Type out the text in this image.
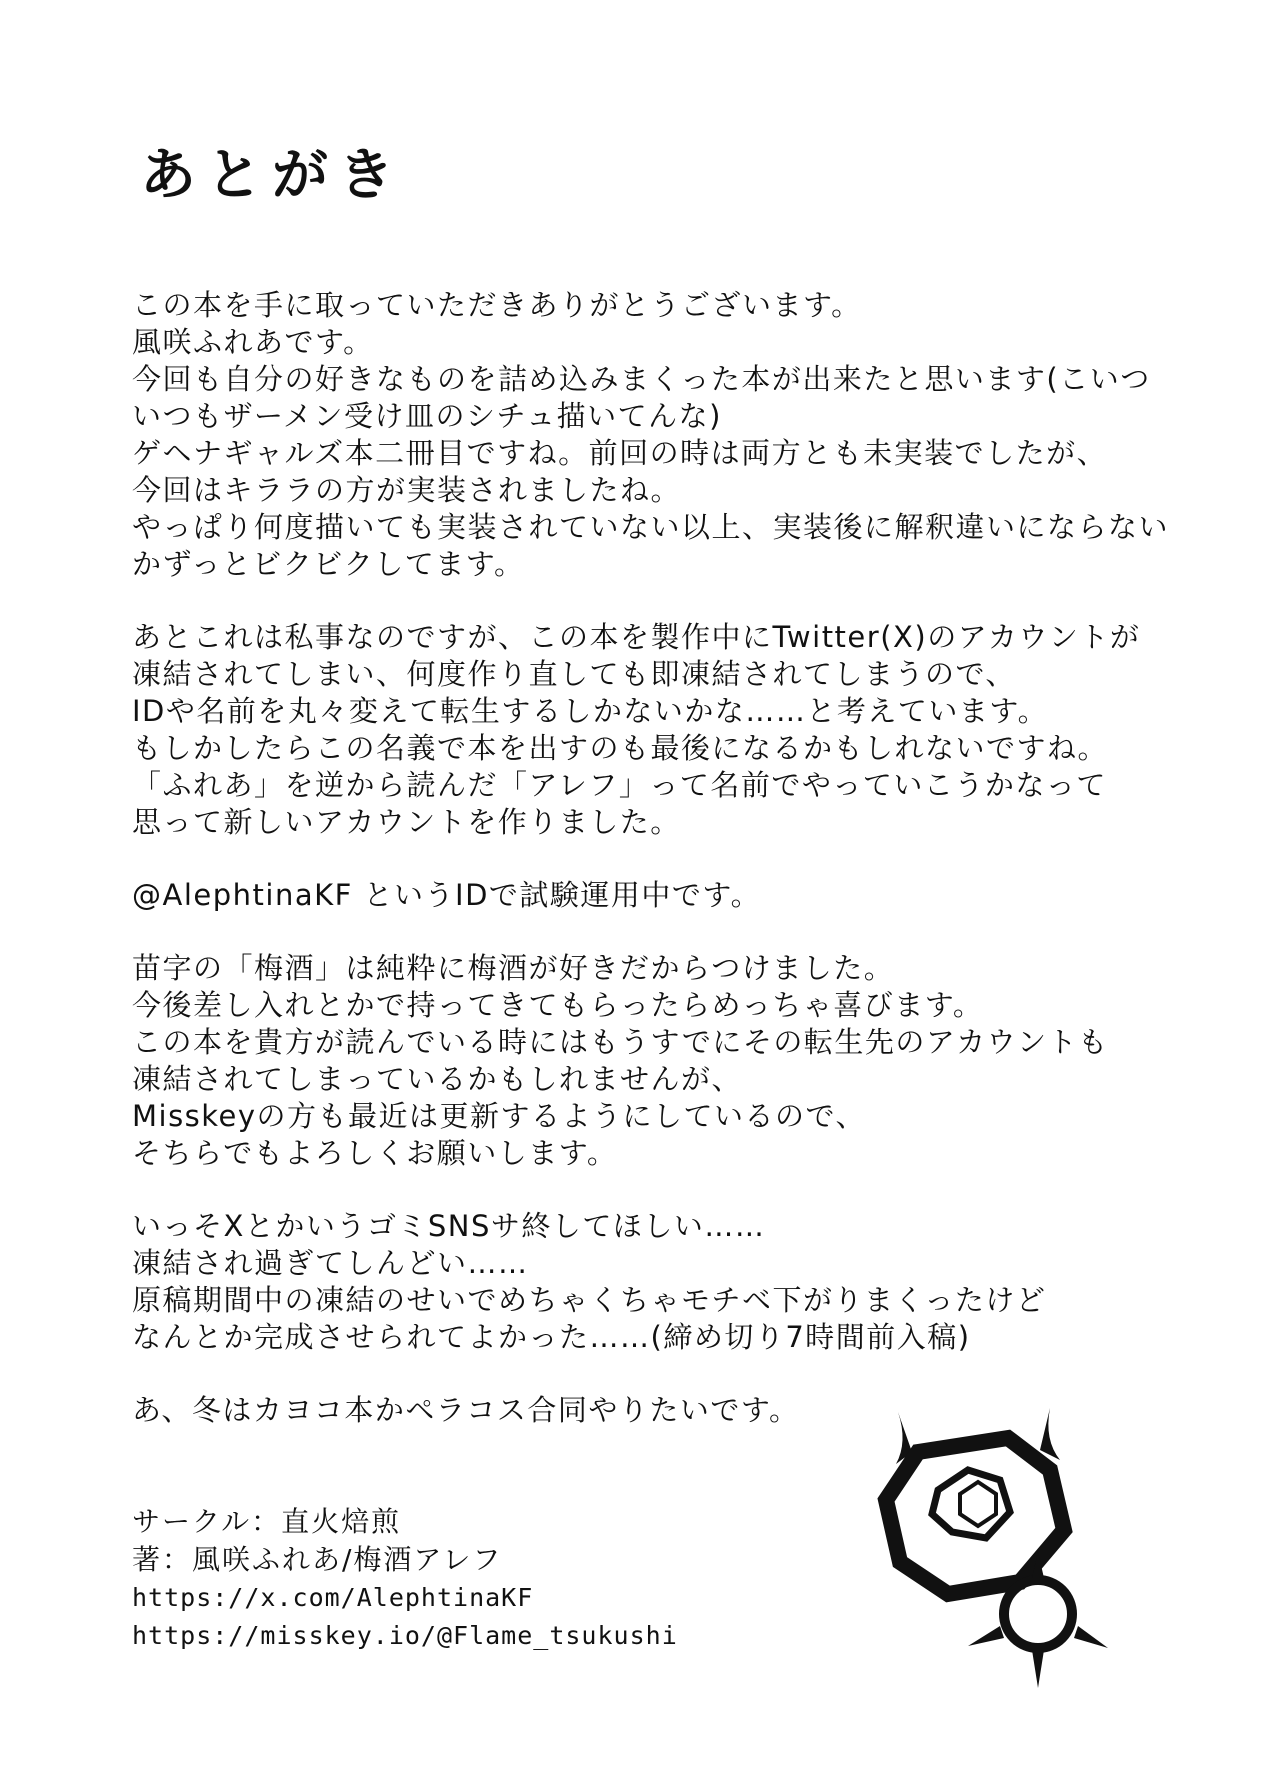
あとがき
この本を手に取っていただきありがとうございます。
風咲ふれあです。
今回も自分の好きなものを詰め込みまくった本が出来たと思います(こいつ
いつもザーメン受け皿のシチュ描いてんな)
ゲヘナギャルズ本二冊目ですね。前回の時は両方とも未実装でしたが、
今回はキララの方が実装されましたね。
やっぱり何度描いても実装されていない以上、実装後に解釈違いにならない
かずっとビクビクしてます。
あとこれは私事なのですが、この本を製作中にTwitter(X)のアカウントが
凍結されてしまい、何度作り直しても即凍結されてしまうので、
IDや名前を丸々変えて転生するしかないかな……と考えています。
もしかしたらこの名義で本を出すのも最後になるかもしれないですね。
「ふれあ」を逆から読んだ「アレフ」って名前でやっていこうかなって
思って新しいアカウントを作りました。
@AlephtinaKF というIDで試験運用中です。
苗字の「梅酒」は純粋に梅酒が好きだからつけました。
今後差し入れとかで持ってきてもらったらめっちゃ喜びます。
この本を貴方が読んでいる時にはもうすでにその転生先のアカウントも
凍結されてしまっているかもしれませんが、
Misskeyの方も最近は更新するようにしているので、
そちらでもよろしくお願いします。
いっそXとかいうゴミSNSサ終してほしい……
凍結され過ぎてしんどい……
原稿期間中の凍結のせいでめちゃくちゃモチベ下がりまくったけど
なんとか完成させられてよかった……(締め切り7時間前入稿)
あ、冬はカヨコ本かペラコス合同やりたいです。
サークル：直火焙煎
著：風咲ふれあ/梅酒アレフ
https://x.com/AlephtinaKF
https://misskey.io/@Flame_tsukushi
